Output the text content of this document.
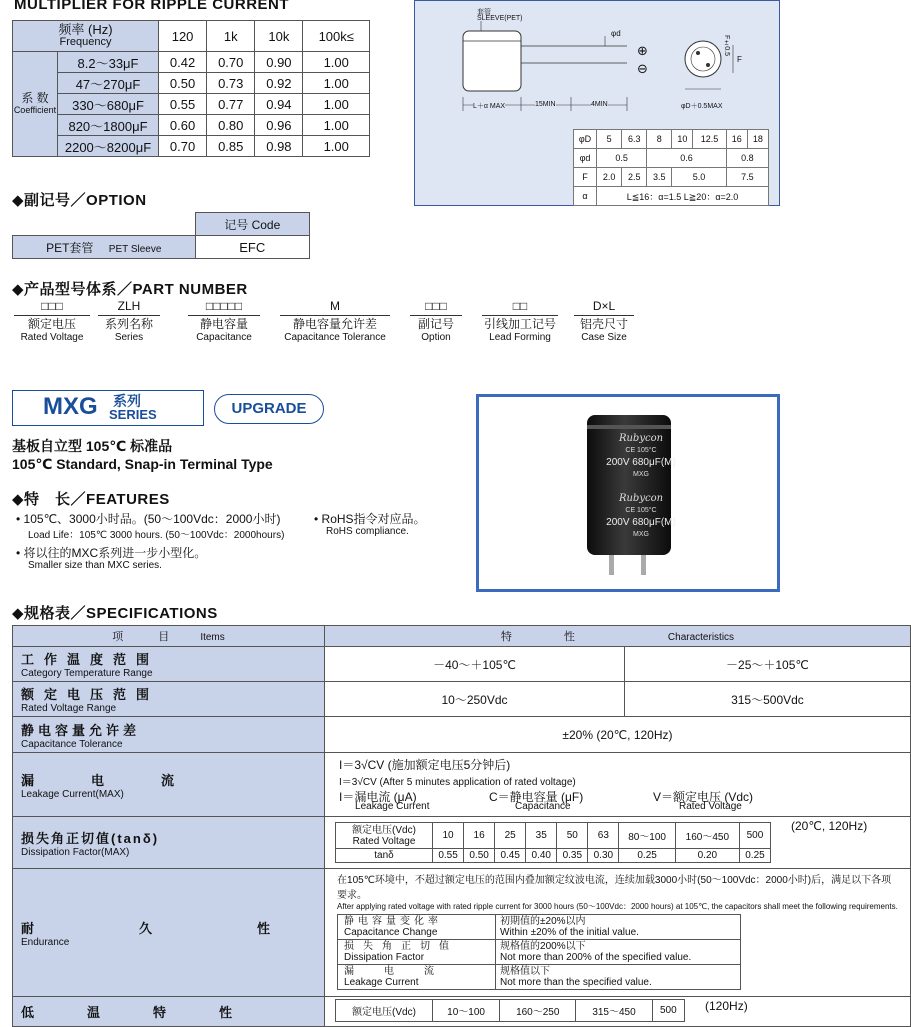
MULTIPLIER FOR RIPPLE CURRENT
频率 (Hz)
Frequency		120	1k	10k	100k≤

系 数
Coefficient	8.2～33μF	0.42	0.70	0.90	1.00
	47～270μF	0.50	0.73	0.92	1.00
	330～680μF	0.55	0.77	0.94	1.00
	820～1800μF	0.60	0.80	0.96	1.00
	2200～8200μF	0.70	0.85	0.98	1.00
套管
SLEEVE(PET)
φd
L＋α MAX	15MIN	4MIN
⊕
⊖
F±0.5
F
φD＋0.5MAX
φD	5	6.3	8	10	12.5	16	18
φd	0.5		0.6			0.8	
F	2.0	2.5	3.5	5.0		7.5	
α	L≦16：α=1.5 L≧20：α=2.0						
◆副记号／OPTION
	记号 Code
PET套管 PET Sleeve	EFC
◆产品型号体系／PART NUMBER
□□□
额定电压
Rated Voltage
ZLH
系列名称
Series
□□□□□
静电容量
Capacitance
M
静电容量允许差
Capacitance Tolerance
□□□
副记号
Option
□□
引线加工记号
Lead Forming
D×L
铝壳尺寸
Case Size
MXG 系列
SERIES	UPGRADE
基板自立型 105℃ 标准品
105℃ Standard, Snap-in Terminal Type
Rubycon
CE 105°C
200V 680μF(M)
MXG
Rubycon
CE 105°C
200V 680μF(M)
MXG
◆特　长／FEATURES
• 105℃、3000小时品。(50～100Vdc：2000小时)
Load Life：105℃ 3000 hours. (50～100Vdc：2000hours)
• 将以往的MXC系列进一步小型化。
Smaller size than MXC series.
• RoHS指令对应品。
RoHS compliance.
◆规格表／SPECIFICATIONS
项　目 Items	特　　性	Characteristics

工作温度范围
Category Temperature Range
	－40～＋105℃	－25～＋105℃

额定电压范围
Rated Voltage Range
	10～250Vdc	315～500Vdc

静电容量允许差
Capacitance Tolerance
	±20% (20℃, 120Hz)

漏　电　流
Leakage Current(MAX)

I＝3√CV (施加额定电压5分钟后)
I＝3√CV (After 5 minutes application of rated voltage)
I＝漏电流 (μA)
Leakage Current
C＝静电容量 (μF)
Capacitance
V＝额定电压 (Vdc)
Rated Voltage

损失角正切值(tanδ)
Dissipation Factor(MAX)

额定电压(Vdc)
Rated Voltage	10	16	25	35	50	63	80～100	160～450	500
tanδ	0.55	0.50	0.45	0.40	0.35	0.30	0.25	0.20	0.25
(20℃, 120Hz)

耐　久　性
Endurance

在105℃环境中，不超过额定电压的范围内叠加额定纹波电流，连续加载3000小时(50～100Vdc：2000小时)后，满足以下各项要求。
After applying rated voltage with rated ripple current for 3000 hours (50～100Vdc：2000 hours) at 105℃, the capacitors shall meet the following requirements.
静电容量变化率
Capacitance Change

初期值的±20%以内
Within ±20% of the initial value.

损失角正切值
Dissipation Factor

规格值的200%以下
Not more than 200% of the specified value.

漏电流
Leakage Current

规格值以下
Not more than the specified value.

低　温　特　性
		额定电压(Vdc)	10～100	160～250	315～450	500 (120Hz)
